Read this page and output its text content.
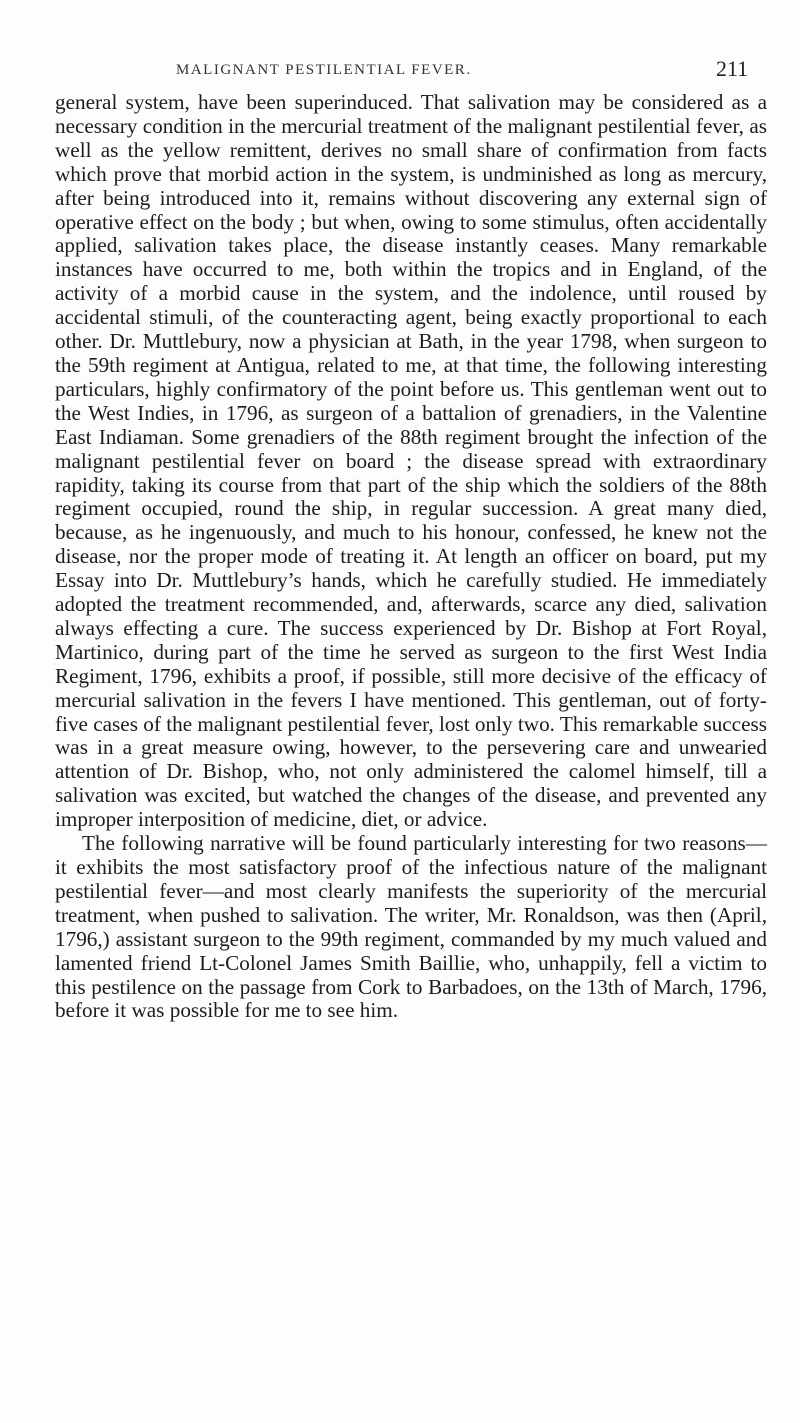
MALIGNANT PESTILENTIAL FEVER.	211

general system, have been superinduced. That salivation may be considered as a necessary condition in the mercurial treatment of the malignant pestilential fever, as well as the yellow remittent, derives no small share of confirmation from facts which prove that morbid action in the system, is undminished as long as mercury, after being introduced into it, remains without discovering any external sign of operative effect on the body ; but when, owing to some stimulus, often accidentally applied, salivation takes place, the disease instantly ceases. Many remarkable instances have occurred to me, both within the tropics and in England, of the activity of a morbid cause in the system, and the indolence, until roused by accidental stimuli, of the counteracting agent, being exactly proportional to each other. Dr. Muttlebury, now a physician at Bath, in the year 1798, when surgeon to the 59th regiment at Antigua, related to me, at that time, the following interesting particulars, highly confirmatory of the point before us. This gentleman went out to the West Indies, in 1796, as surgeon of a battalion of grenadiers, in the Valentine East Indiaman. Some grenadiers of the 88th regiment brought the infection of the malignant pestilential fever on board ; the disease spread with extraordinary rapidity, taking its course from that part of the ship which the soldiers of the 88th regiment occupied, round the ship, in regular succession. A great many died, because, as he ingenuously, and much to his honour, confessed, he knew not the disease, nor the proper mode of treating it. At length an officer on board, put my Essay into Dr. Muttlebury’s hands, which he carefully studied. He immediately adopted the treatment recommended, and, afterwards, scarce any died, salivation always effecting a cure. The success experienced by Dr. Bishop at Fort Royal, Martinico, during part of the time he served as surgeon to the first West India Regiment, 1796, exhibits a proof, if possible, still more decisive of the efficacy of mercurial salivation in the fevers I have mentioned. This gentleman, out of forty-five cases of the malignant pestilential fever, lost only two. This remarkable success was in a great measure owing, however, to the persevering care and unwearied attention of Dr. Bishop, who, not only administered the calomel himself, till a salivation was excited, but watched the changes of the disease, and prevented any improper interposition of medicine, diet, or advice.

The following narrative will be found particularly interesting for two reasons—it exhibits the most satisfactory proof of the infectious nature of the malignant pestilential fever—and most clearly manifests the superiority of the mercurial treatment, when pushed to salivation. The writer, Mr. Ronaldson, was then (April, 1796,) assistant surgeon to the 99th regiment, commanded by my much valued and lamented friend Lt-Colonel James Smith Baillie, who, unhappily, fell a victim to this pestilence on the passage from Cork to Barbadoes, on the 13th of March, 1796, before it was possible for me to see him.
